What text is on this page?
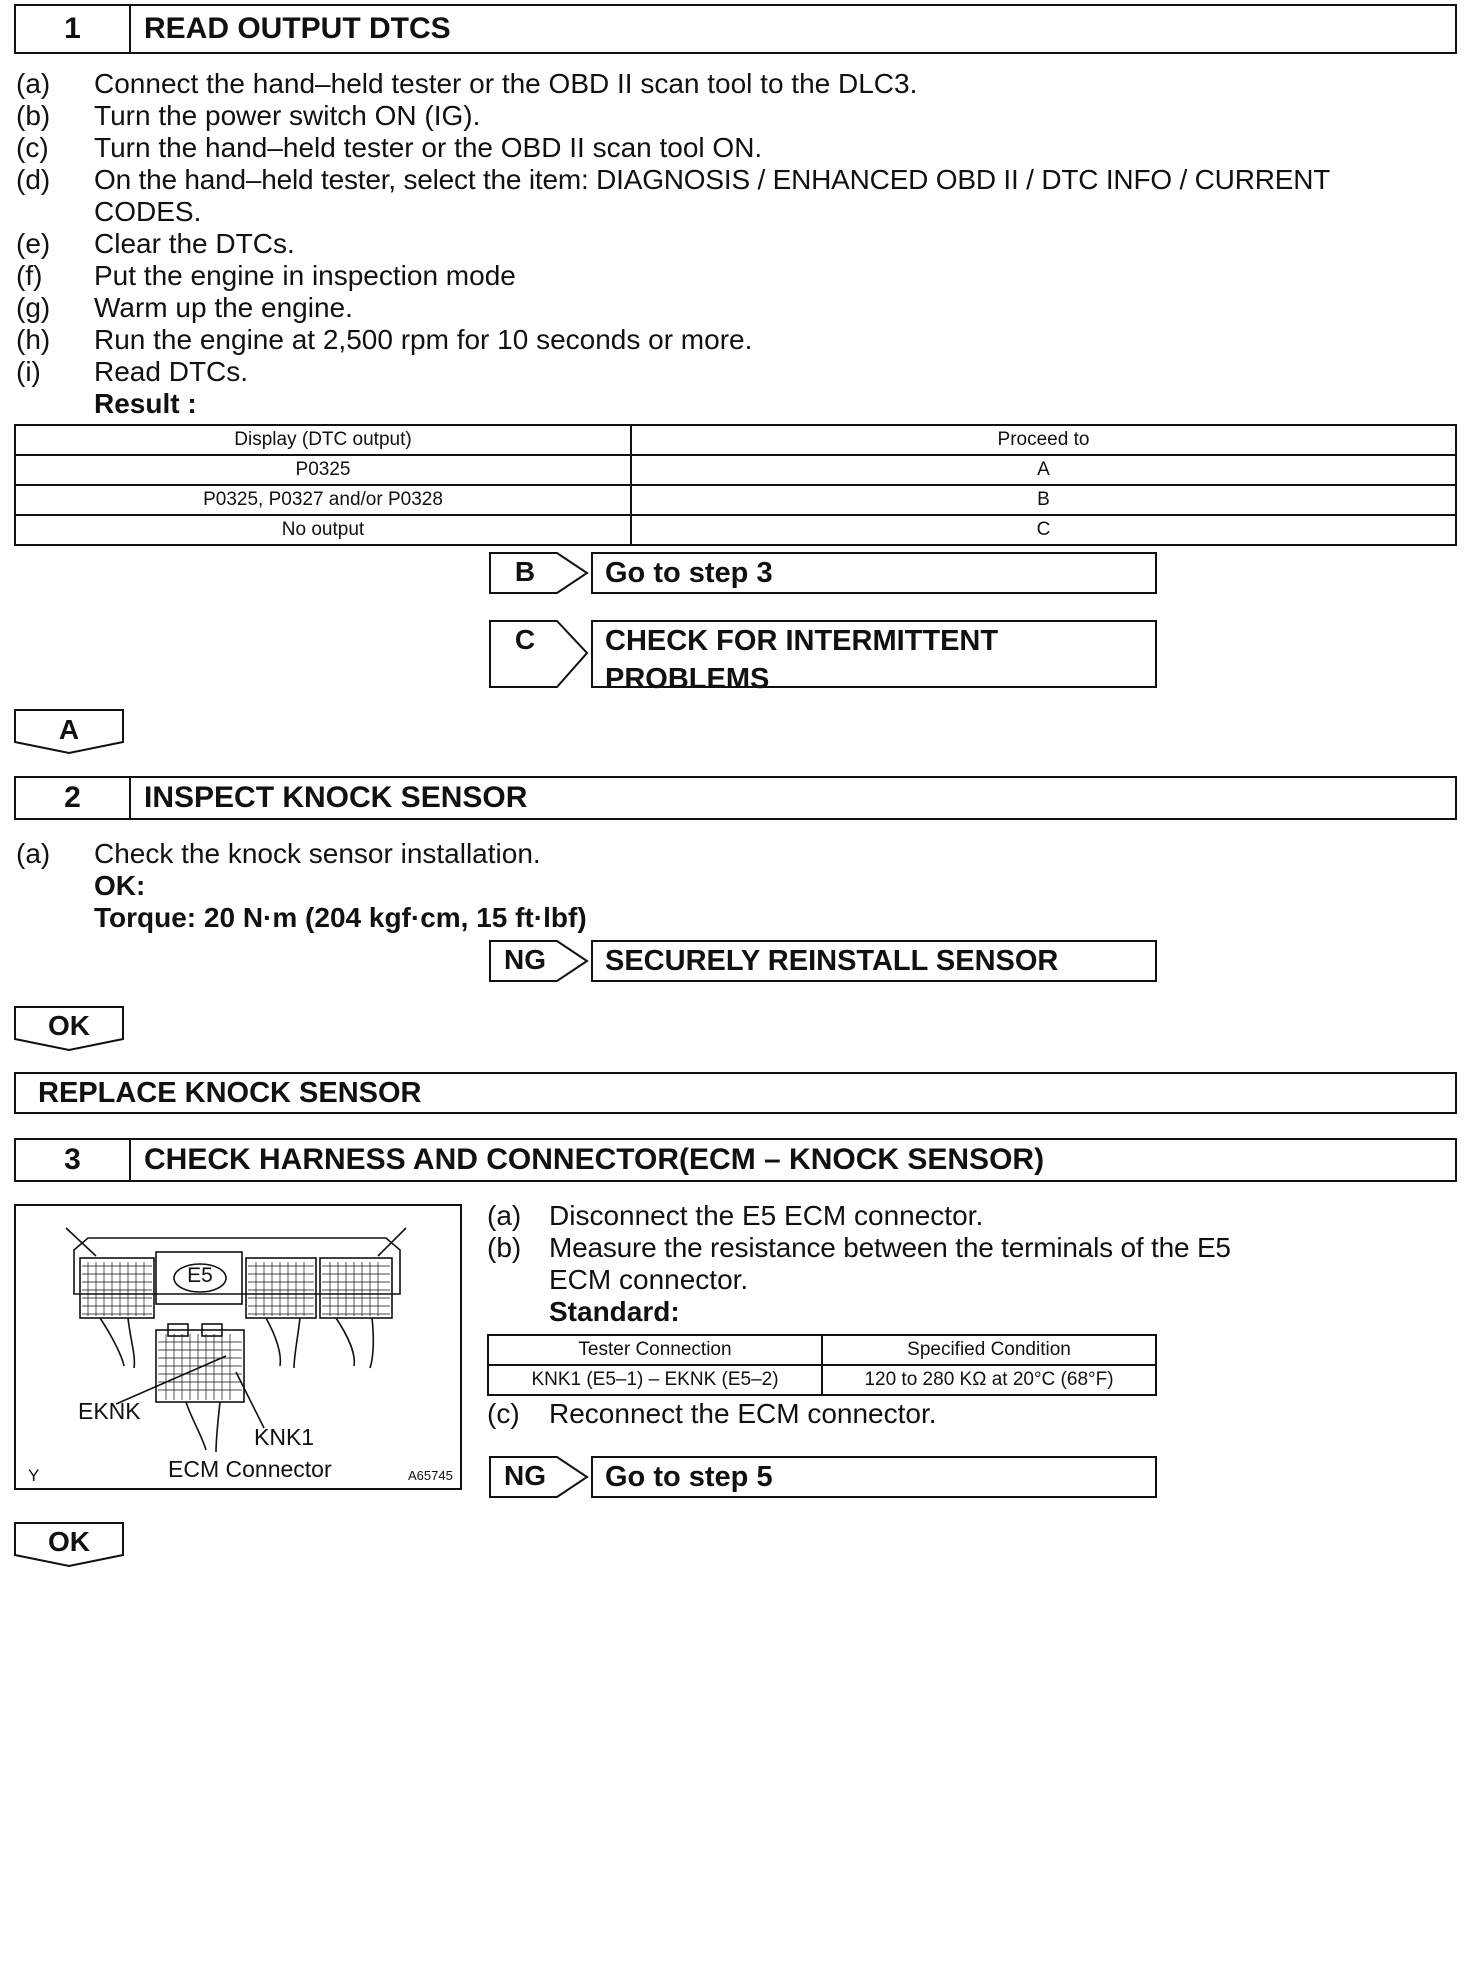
1	READ OUTPUT DTCS
(a) Connect the hand–held tester or the OBD II scan tool to the DLC3.
(b) Turn the power switch ON (IG).
(c) Turn the hand–held tester or the OBD II scan tool ON.
(d) On the hand–held tester, select the item: DIAGNOSIS / ENHANCED OBD II / DTC INFO / CURRENT
CODES.
(e) Clear the DTCs.
(f) Put the engine in inspection mode
(g) Warm up the engine.
(h) Run the engine at 2,500 rpm for 10 seconds or more.
(i) Read DTCs.
Result :
Display (DTC output)	Proceed to
P0325	A
P0325, P0327 and/or P0328	B
No output	C
B	Go to step 3
C	CHECK FOR INTERMITTENT PROBLEMS
A
2	INSPECT KNOCK SENSOR
(a) Check the knock sensor installation.
OK:
Torque: 20 N·m (204 kgf·cm, 15 ft·lbf)
NG	SECURELY REINSTALL SENSOR
OK
REPLACE KNOCK SENSOR
3	CHECK HARNESS AND CONNECTOR(ECM – KNOCK SENSOR)
E5
EKNK
KNK1
ECM Connector
Y	A65745
(a) Disconnect the E5 ECM connector.
(b) Measure the resistance between the terminals of the E5
ECM connector.
Standard:
Tester Connection	Specified Condition
KNK1 (E5–1) – EKNK (E5–2)	120 to 280 KΩ at 20°C (68°F)
(c) Reconnect the ECM connector.
NG	Go to step 5
OK
